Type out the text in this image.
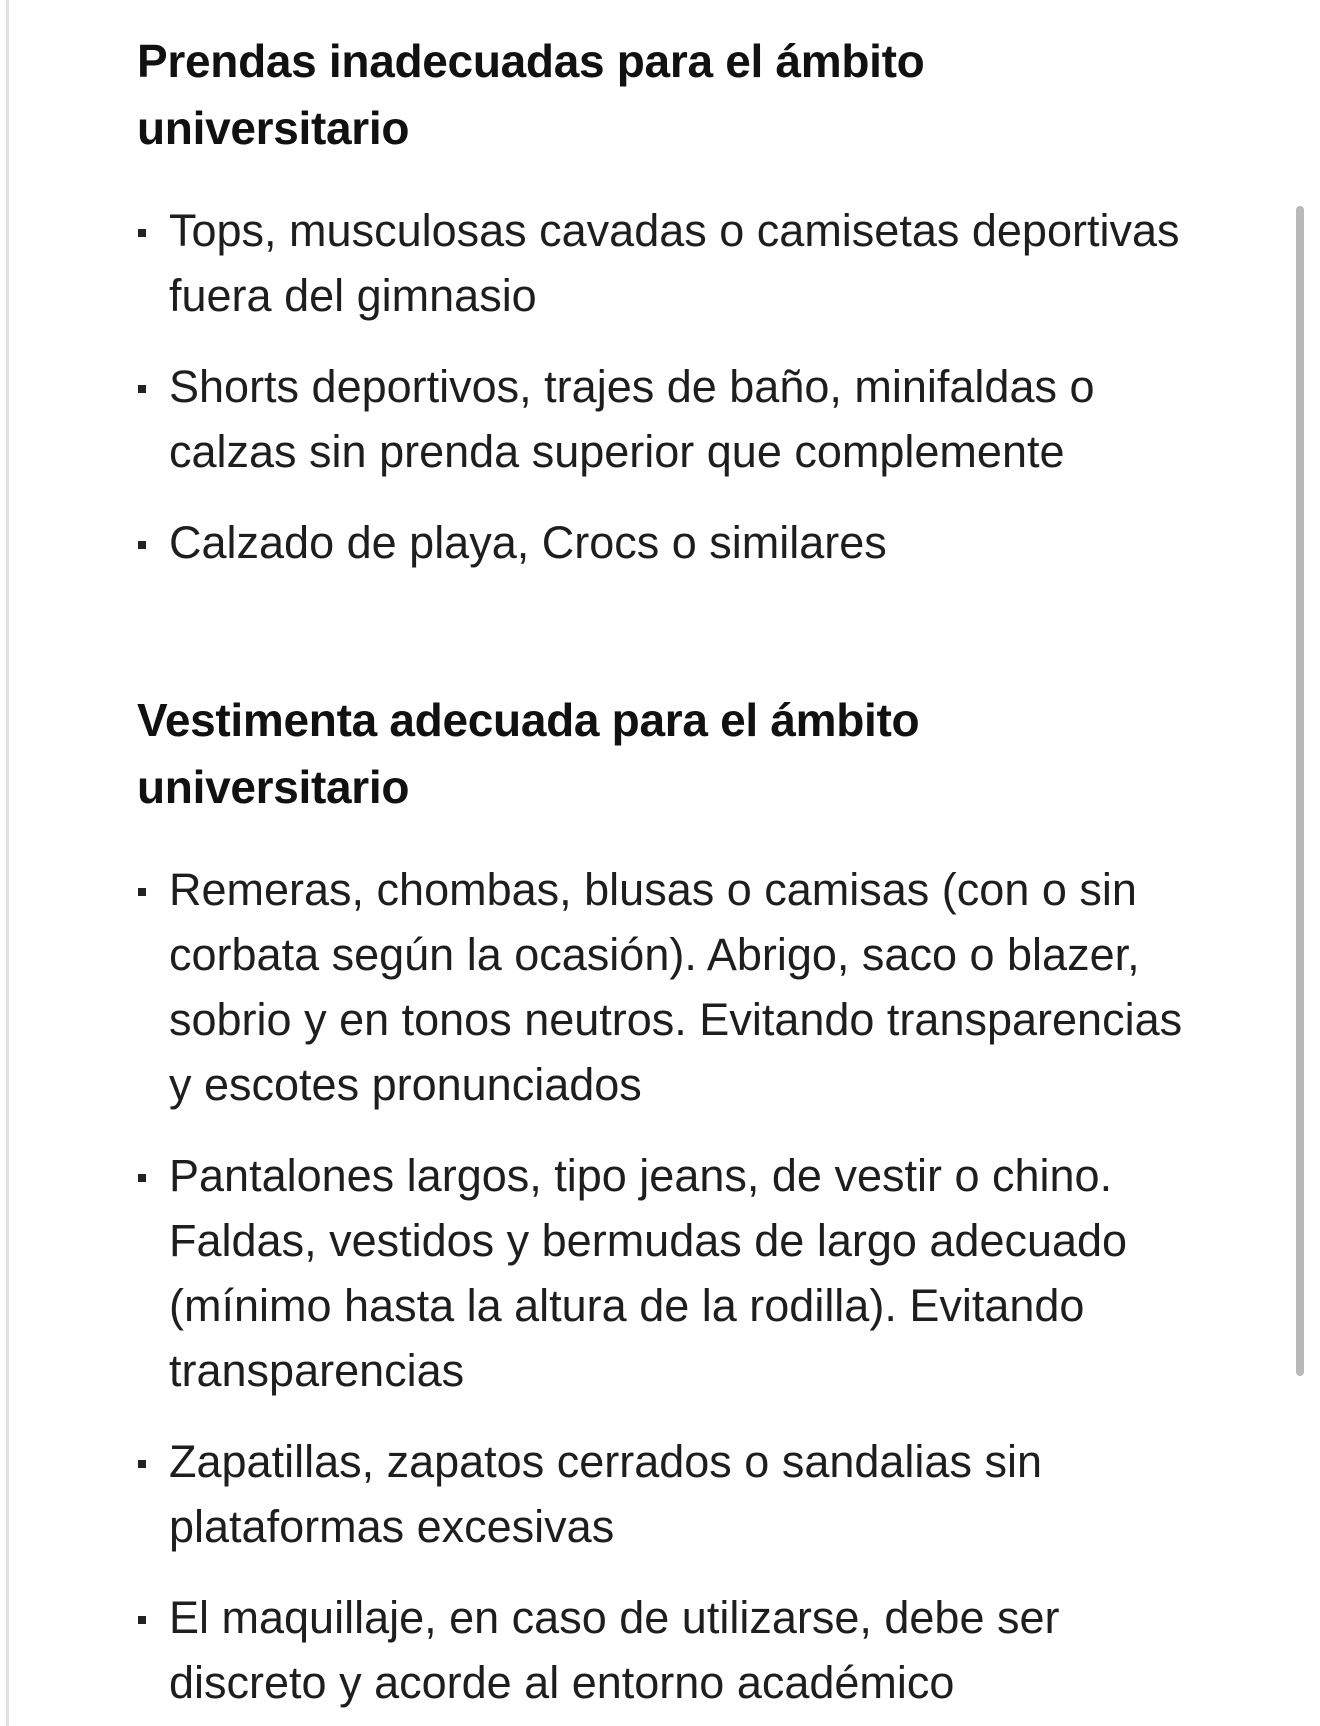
Prendas inadecuadas para el ámbito universitario
Tops, musculosas cavadas o camisetas deportivas fuera del gimnasio
Shorts deportivos, trajes de baño, minifaldas o calzas sin prenda superior que complemente
Calzado de playa, Crocs o similares
Vestimenta adecuada para el ámbito universitario
Remeras, chombas, blusas o camisas (con o sin corbata según la ocasión). Abrigo, saco o blazer, sobrio y en tonos neutros. Evitando transparencias y escotes pronunciados
Pantalones largos, tipo jeans, de vestir o chino. Faldas, vestidos y bermudas de largo adecuado (mínimo hasta la altura de la rodilla). Evitando transparencias
Zapatillas, zapatos cerrados o sandalias sin plataformas excesivas
El maquillaje, en caso de utilizarse, debe ser discreto y acorde al entorno académico
